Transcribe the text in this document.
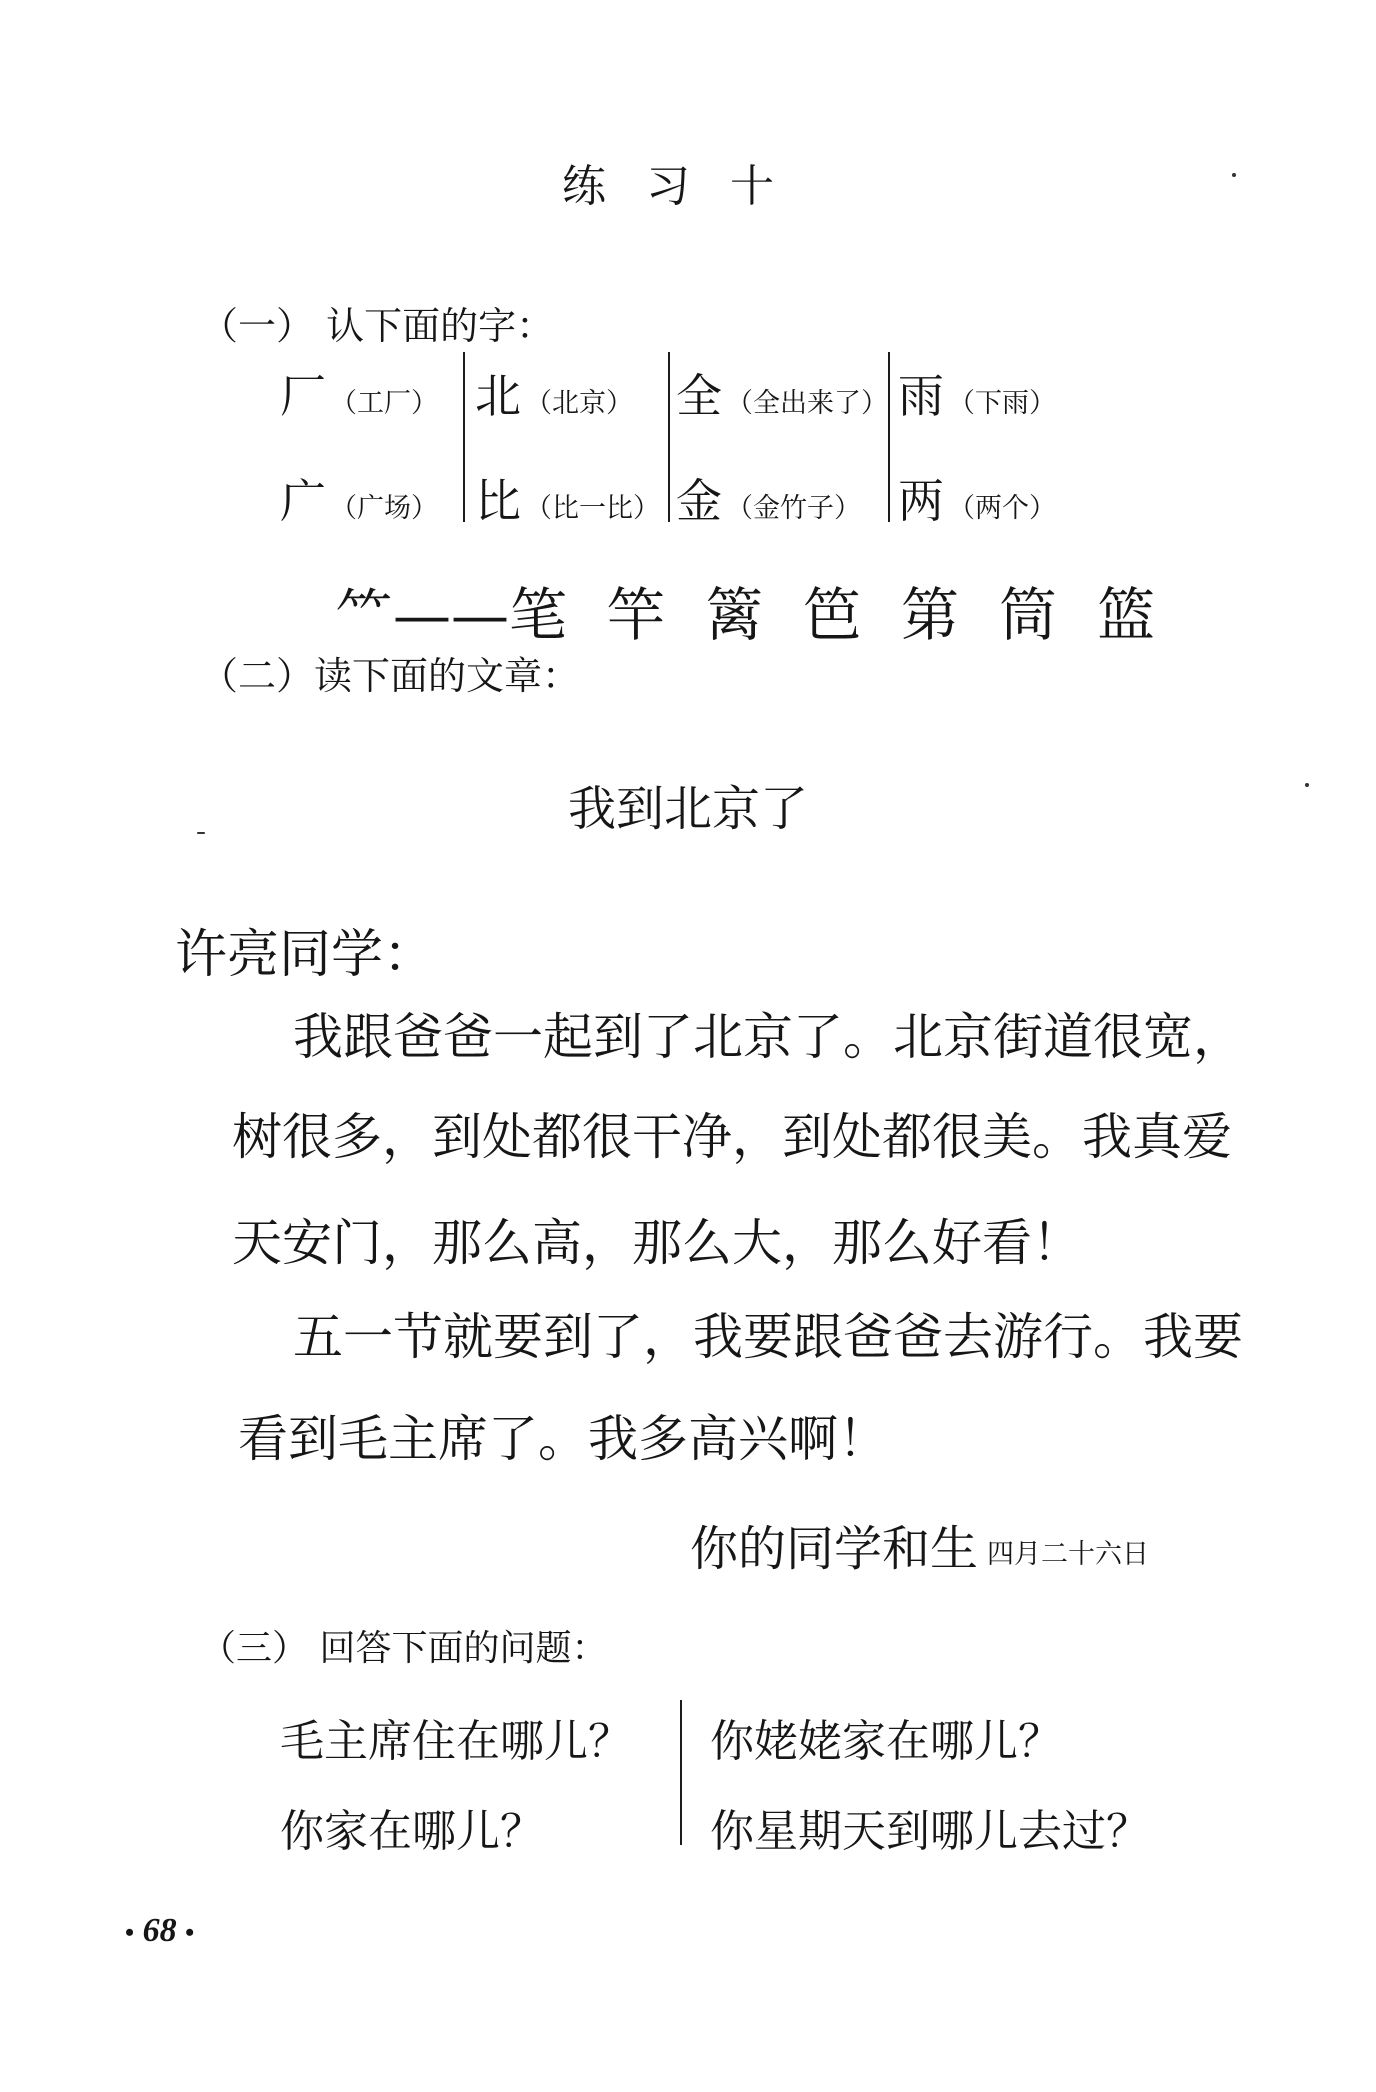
练习十
（一） 认下面的字：
厂 （工厂） 北 （北京） 全 （全出来了） 雨 （下雨）
广 （广场） 比 （比一比） 金 （金竹子） 两 （两个）
⺮——笔竿篱笆第筒篮
（二）读下面的文章：
我到北京了
许亮同学：
我跟爸爸一起到了北京了。北京街道很宽，
树很多，到处都很干净，到处都很美。我真爱
天安门，那么高，那么大，那么好看！
五一节就要到了，我要跟爸爸去游行。我要
看到毛主席了。我多高兴啊！
你的同学和生 四月二十六日
（三） 回答下面的问题：
毛主席住在哪儿？
你家在哪儿？
你姥姥家在哪儿？
你星期天到哪儿去过？
• 68 •
